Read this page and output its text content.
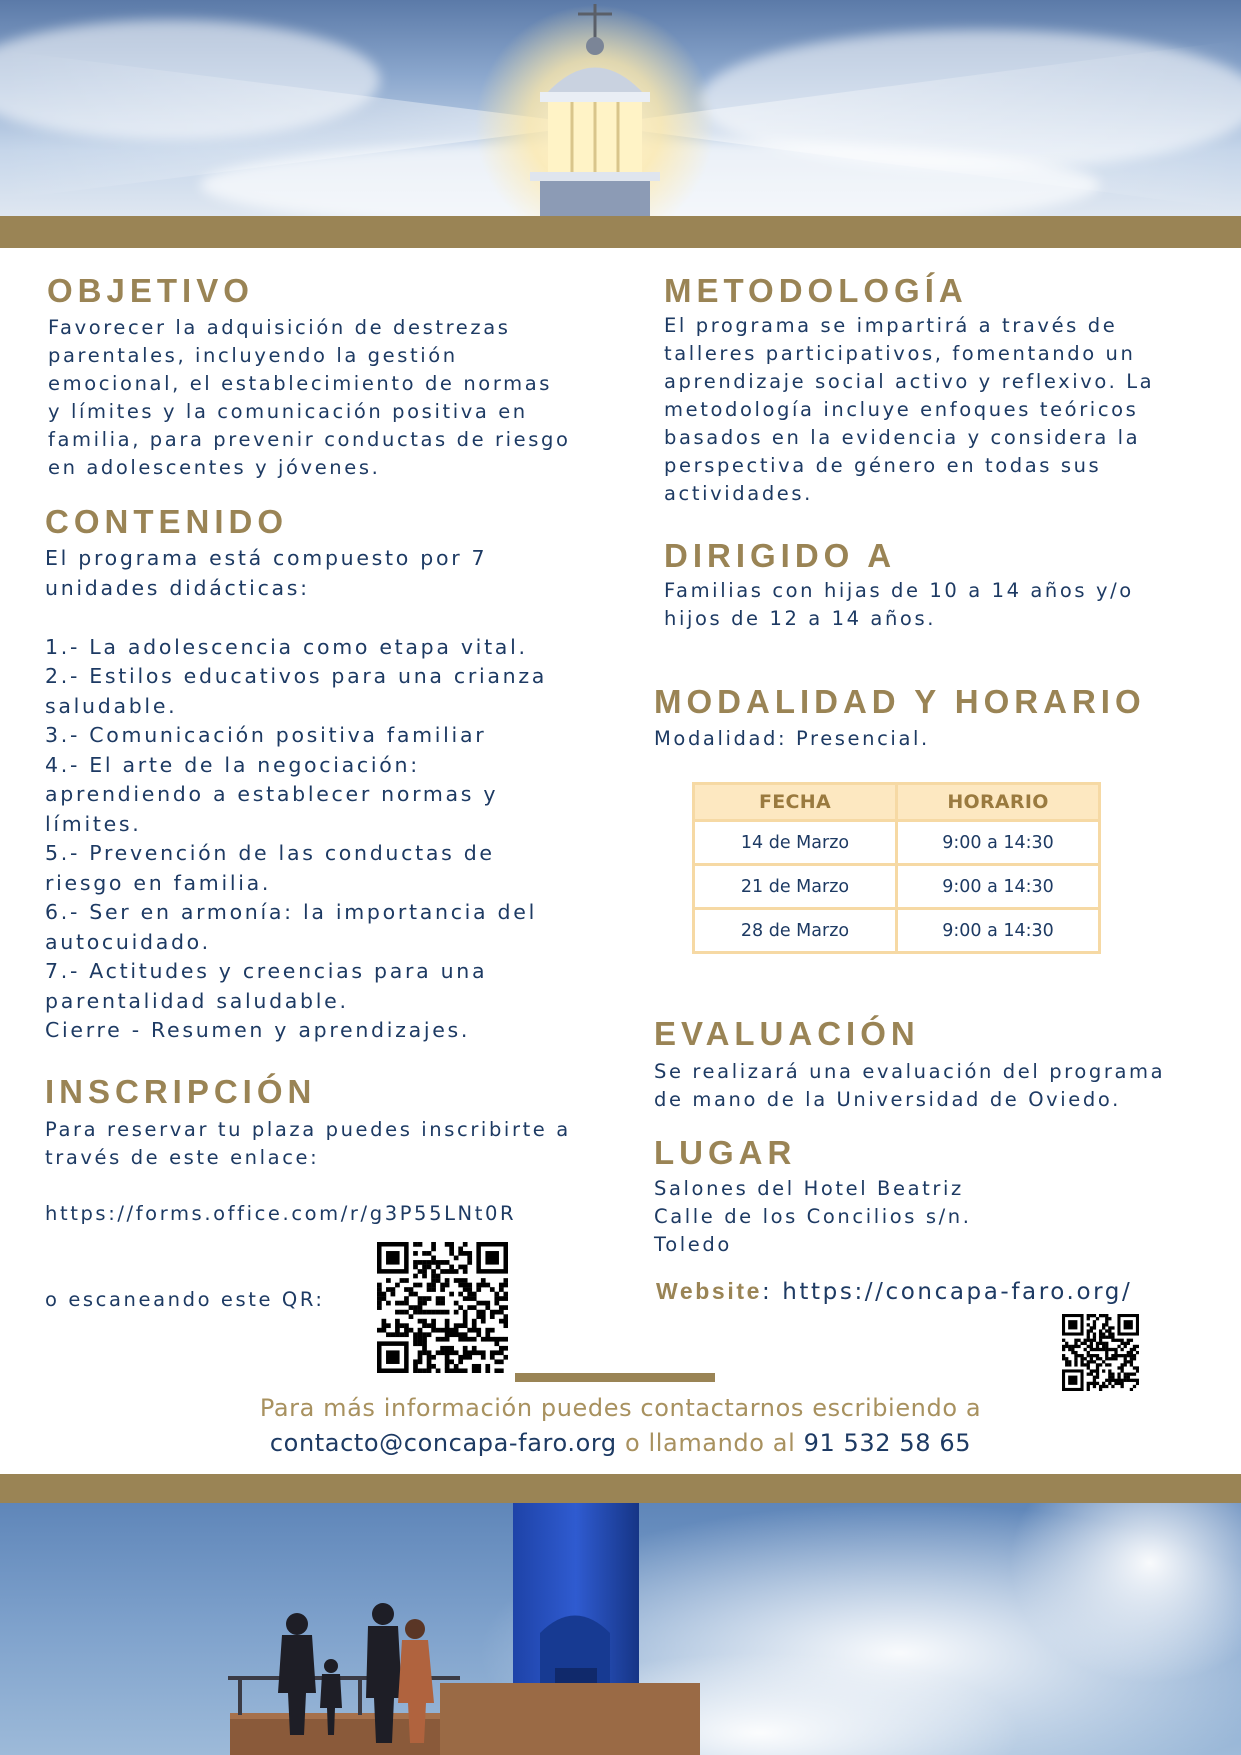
OBJETIVO
Favorecer la adquisición de destrezas
parentales, incluyendo la gestión
emocional, el establecimiento de normas
y límites y la comunicación positiva en
familia, para prevenir conductas de riesgo
en adolescentes y jóvenes.
CONTENIDO
El programa está compuesto por 7
unidades didácticas:
1.- La adolescencia como etapa vital.
2.- Estilos educativos para una crianza
saludable.
3.- Comunicación positiva familiar
4.- El arte de la negociación:
aprendiendo a establecer normas y
límites.
5.- Prevención de las conductas de
riesgo en familia.
6.- Ser en armonía: la importancia del
autocuidado.
7.- Actitudes y creencias para una
parentalidad saludable.
Cierre - Resumen y aprendizajes.
INSCRIPCIÓN
Para reservar tu plaza puedes inscribirte a
través de este enlace:
https://forms.office.com/r/g3P55LNt0R
o escaneando este QR:
METODOLOGÍA
El programa se impartirá a través de
talleres participativos, fomentando un
aprendizaje social activo y reflexivo. La
metodología incluye enfoques teóricos
basados en la evidencia y considera la
perspectiva de género en todas sus
actividades.
DIRIGIDO A
Familias con hijas de 10 a 14 años y/o
hijos de 12 a 14 años.
MODALIDAD Y HORARIO
Modalidad: Presencial.
FECHA	HORARIO
14 de Marzo	9:00 a 14:30
21 de Marzo	9:00 a 14:30
28 de Marzo	9:00 a 14:30
EVALUACIÓN
Se realizará una evaluación del programa
de mano de la Universidad de Oviedo.
LUGAR
Salones del Hotel Beatriz
Calle de los Concilios s/n.
Toledo
Website: https://concapa-faro.org/
Para más información puedes contactarnos escribiendo a
contacto@concapa-faro.org o llamando al 91 532 58 65
